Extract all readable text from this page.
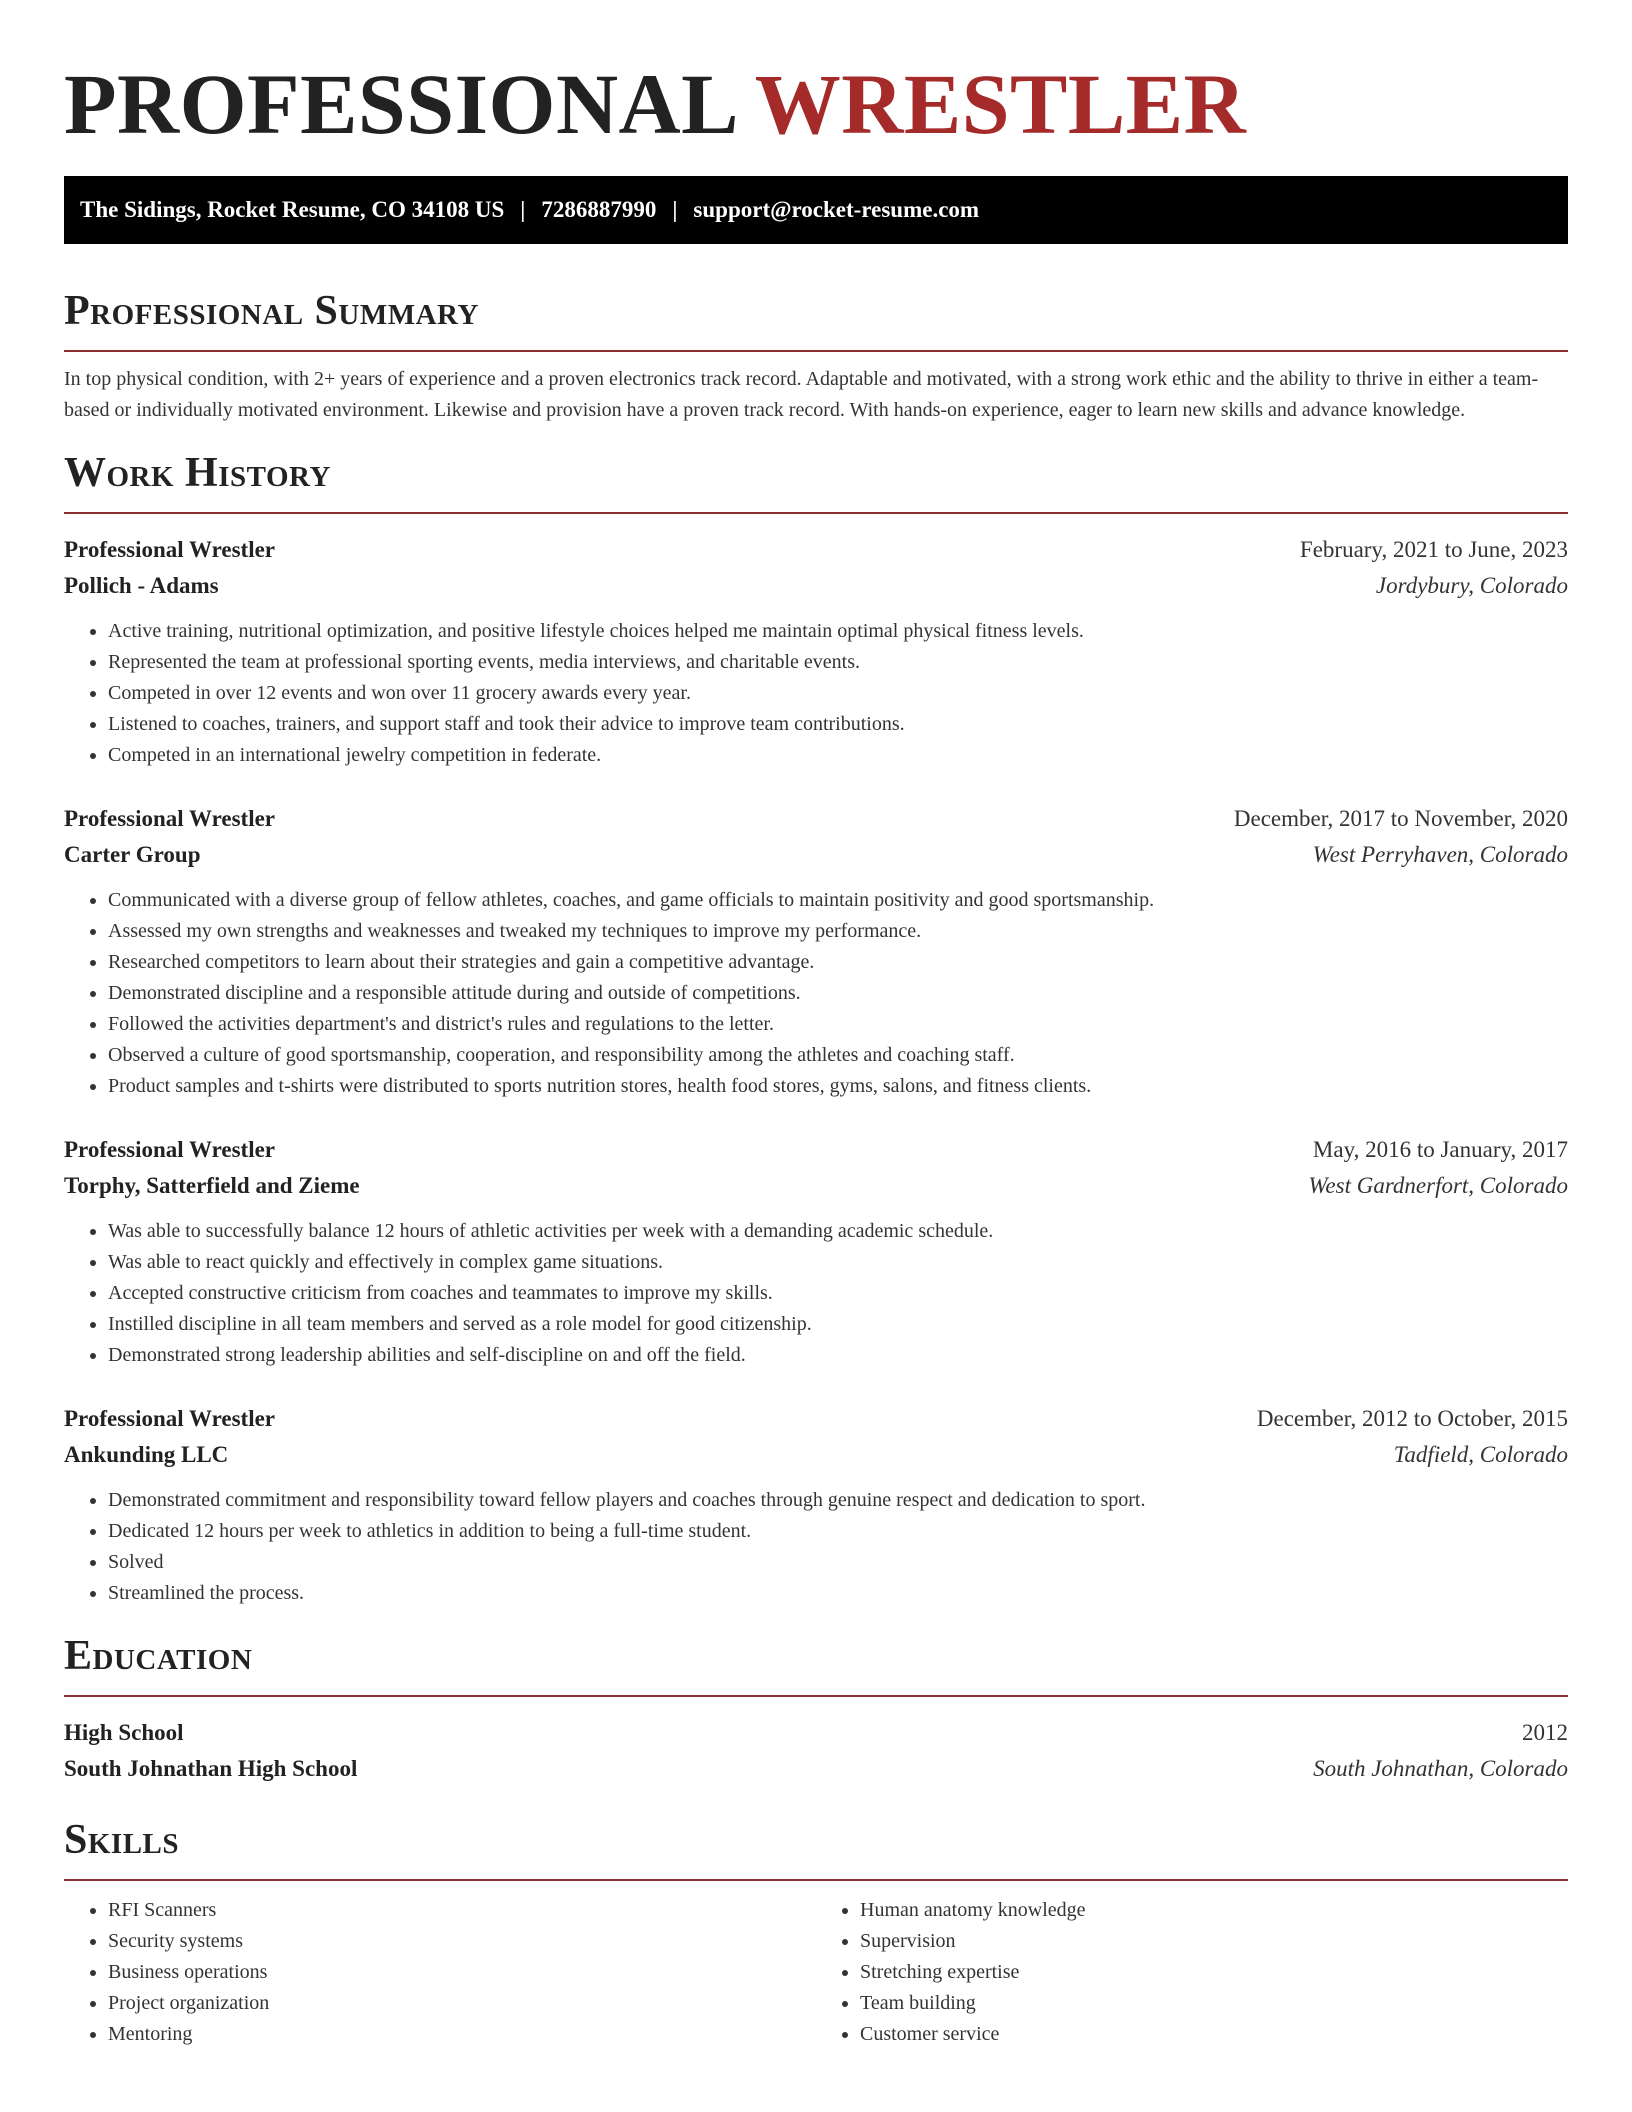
PROFESSIONAL WRESTLER
The Sidings, Rocket Resume, CO 34108 US | 7286887990 | support@rocket-resume.com
Professional Summary

In top physical condition, with 2+ years of experience and a proven electronics track record. Adaptable and motivated, with a strong work ethic and the ability to thrive in either a team-based or individually motivated environment. Likewise and provision have a proven track record. With hands-on experience, eager to learn new skills and advance knowledge.

Work History
Professional Wrestler	February, 2021 to June, 2023
Pollich - Adams	Jordybury, Colorado
• Active training, nutritional optimization, and positive lifestyle choices helped me maintain optimal physical fitness levels.
• Represented the team at professional sporting events, media interviews, and charitable events.
• Competed in over 12 events and won over 11 grocery awards every year.
• Listened to coaches, trainers, and support staff and took their advice to improve team contributions.
• Competed in an international jewelry competition in federate.
Professional Wrestler	December, 2017 to November, 2020
Carter Group	West Perryhaven, Colorado
• Communicated with a diverse group of fellow athletes, coaches, and game officials to maintain positivity and good sportsmanship.
• Assessed my own strengths and weaknesses and tweaked my techniques to improve my performance.
• Researched competitors to learn about their strategies and gain a competitive advantage.
• Demonstrated discipline and a responsible attitude during and outside of competitions.
• Followed the activities department's and district's rules and regulations to the letter.
• Observed a culture of good sportsmanship, cooperation, and responsibility among the athletes and coaching staff.
• Product samples and t-shirts were distributed to sports nutrition stores, health food stores, gyms, salons, and fitness clients.
Professional Wrestler	May, 2016 to January, 2017
Torphy, Satterfield and Zieme	West Gardnerfort, Colorado
• Was able to successfully balance 12 hours of athletic activities per week with a demanding academic schedule.
• Was able to react quickly and effectively in complex game situations.
• Accepted constructive criticism from coaches and teammates to improve my skills.
• Instilled discipline in all team members and served as a role model for good citizenship.
• Demonstrated strong leadership abilities and self-discipline on and off the field.
Professional Wrestler	December, 2012 to October, 2015
Ankunding LLC	Tadfield, Colorado
• Demonstrated commitment and responsibility toward fellow players and coaches through genuine respect and dedication to sport.
• Dedicated 12 hours per week to athletics in addition to being a full-time student.
• Solved
• Streamlined the process.
Education
High School	2012
South Johnathan High School	South Johnathan, Colorado
Skills
• RFI Scanners
• Security systems
• Business operations
• Project organization
• Mentoring
• Human anatomy knowledge
• Supervision
• Stretching expertise
• Team building
• Customer service
